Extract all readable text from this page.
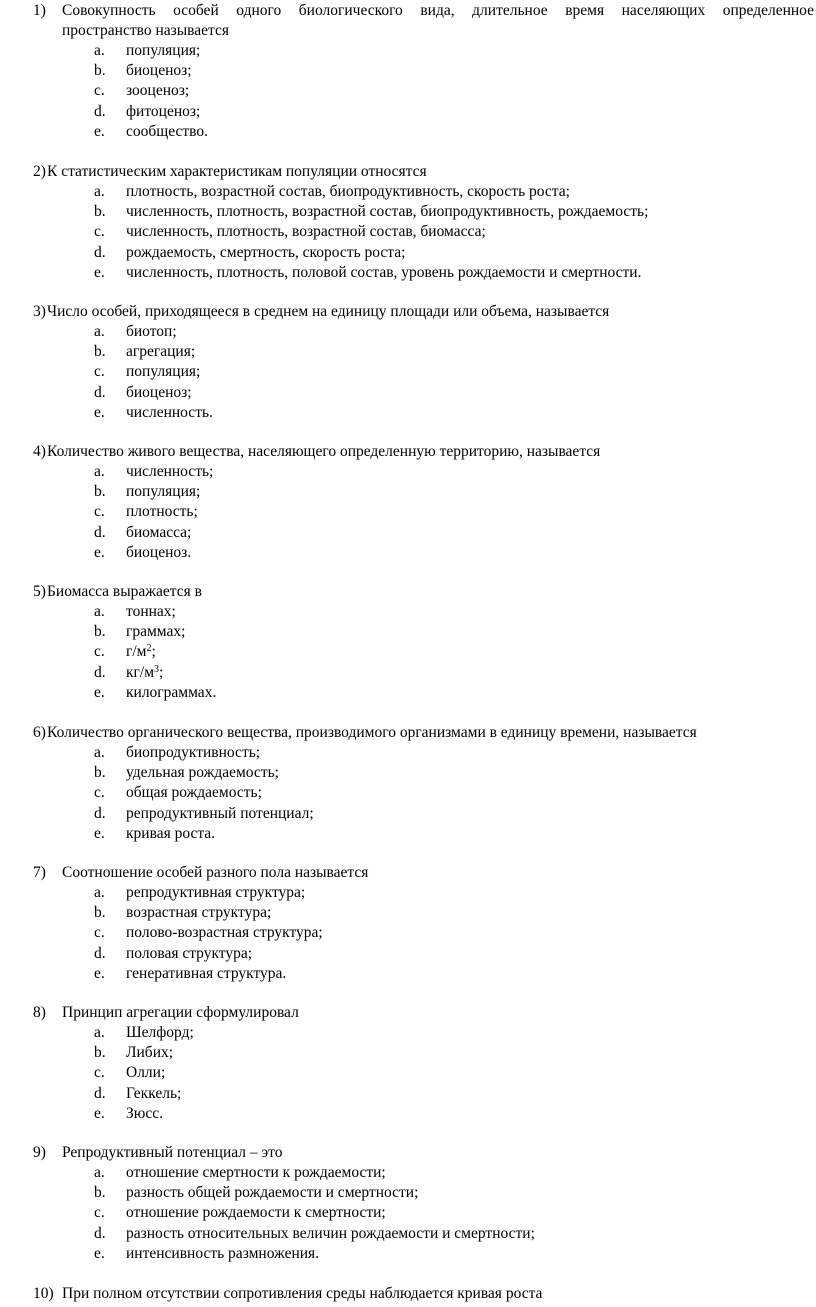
1) Совокупность особей одного биологического вида, длительное время населяющих определенное
пространство называется
a. популяция;
b. биоценоз;
c. зооценоз;
d. фитоценоз;
e. сообщество.
2) К статистическим характеристикам популяции относятся
a. плотность, возрастной состав, биопродуктивность, скорость роста;
b. численность, плотность, возрастной состав, биопродуктивность, рождаемость;
c. численность, плотность, возрастной состав, биомасса;
d. рождаемость, смертность, скорость роста;
e. численность, плотность, половой состав, уровень рождаемости и смертности.
3) Число особей, приходящееся в среднем на единицу площади или объема, называется
a. биотоп;
b. агрегация;
c. популяция;
d. биоценоз;
e. численность.
4) Количество живого вещества, населяющего определенную территорию, называется
a. численность;
b. популяция;
c. плотность;
d. биомасса;
e. биоценоз.
5) Биомасса выражается в
a. тоннах;
b. граммах;
c. $г/м^2$;
d. $кг/м^3$;
e. килограммах.
6) Количество органического вещества, производимого организмами в единицу времени, называется
a. биопродуктивность;
b. удельная рождаемость;
c. общая рождаемость;
d. репродуктивный потенциал;
e. кривая роста.
7) Соотношение особей разного пола называется
a. репродуктивная структура;
b. возрастная структура;
c. полово-возрастная структура;
d. половая структура;
e. генеративная структура.
8) Принцип агрегации сформулировал
a. Шелфорд;
b. Либих;
c. Олли;
d. Геккель;
e. Зюсс.
9) Репродуктивный потенциал – это
a. отношение смертности к рождаемости;
b. разность общей рождаемости и смертности;
c. отношение рождаемости к смертности;
d. разность относительных величин рождаемости и смертности;
e. интенсивность размножения.
10) При полном отсутствии сопротивления среды наблюдается кривая роста
